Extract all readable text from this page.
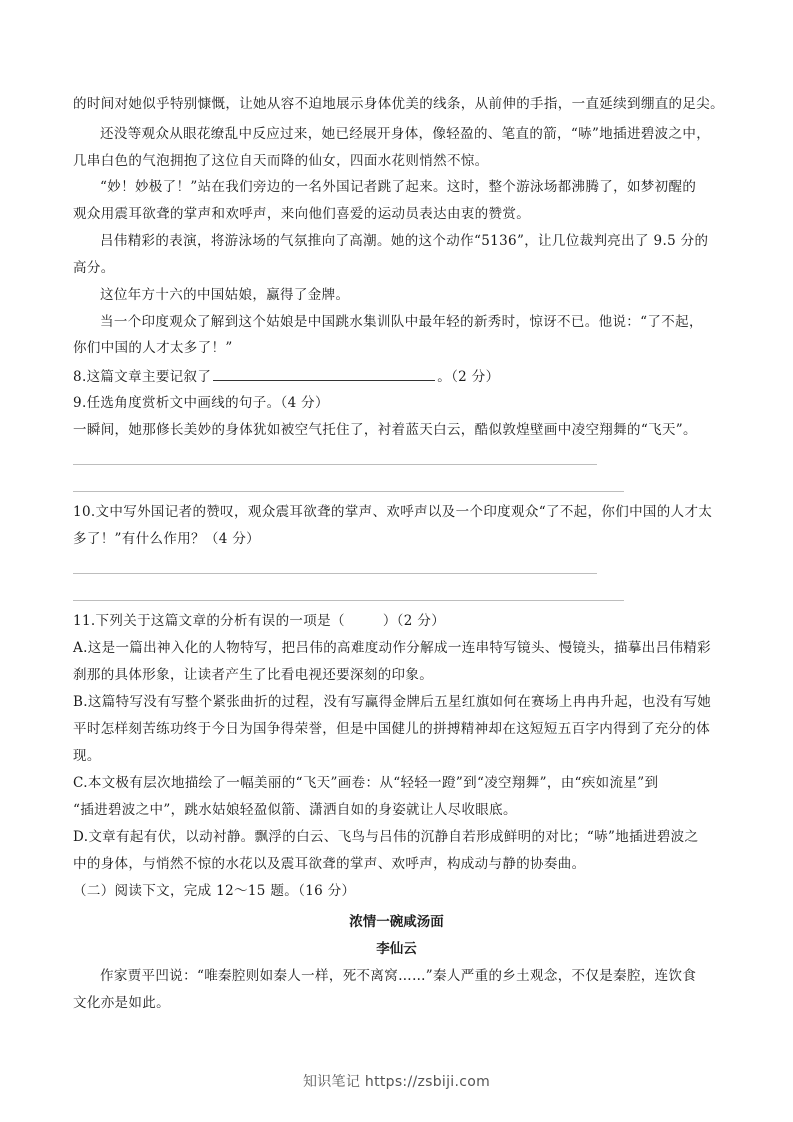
的时间对她似乎特别慷慨，让她从容不迫地展示身体优美的线条，从前伸的手指，一直延续到绷直的足尖。
还没等观众从眼花缭乱中反应过来，她已经展开身体，像轻盈的、笔直的箭，“哧”地插进碧波之中，
几串白色的气泡拥抱了这位自天而降的仙女，四面水花则悄然不惊。
“妙！妙极了！”站在我们旁边的一名外国记者跳了起来。这时，整个游泳场都沸腾了，如梦初醒的
观众用震耳欲聋的掌声和欢呼声，来向他们喜爱的运动员表达由衷的赞赏。
吕伟精彩的表演，将游泳场的气氛推向了高潮。她的这个动作“5136”，让几位裁判亮出了 9.5 分的
高分。
这位年方十六的中国姑娘，赢得了金牌。
当一个印度观众了解到这个姑娘是中国跳水集训队中最年轻的新秀时，惊讶不已。他说：“了不起，
你们中国的人才太多了！”
8.这篇文章主要记叙了	。（2 分）
9.任选角度赏析文中画线的句子。（4 分）
一瞬间，她那修长美妙的身体犹如被空气托住了，衬着蓝天白云，酷似敦煌壁画中凌空翔舞的“飞天”。
10.文中写外国记者的赞叹，观众震耳欲聋的掌声、欢呼声以及一个印度观众“了不起，你们中国的人才太
多了！”有什么作用？（4 分）
11.下列关于这篇文章的分析有误的一项是（	）（2 分）
A.这是一篇出神入化的人物特写，把吕伟的高难度动作分解成一连串特写镜头、慢镜头，描摹出吕伟精彩
刹那的具体形象，让读者产生了比看电视还要深刻的印象。
B.这篇特写没有写整个紧张曲折的过程，没有写赢得金牌后五星红旗如何在赛场上冉冉升起，也没有写她
平时怎样刻苦练功终于今日为国争得荣誉，但是中国健儿的拼搏精神却在这短短五百字内得到了充分的体
现。
C.本文极有层次地描绘了一幅美丽的“飞天”画卷：从“轻轻一蹬”到“凌空翔舞”，由“疾如流星”到
“插进碧波之中”，跳水姑娘轻盈似箭、潇洒自如的身姿就让人尽收眼底。
D.文章有起有伏，以动衬静。飘浮的白云、飞鸟与吕伟的沉静自若形成鲜明的对比；“哧”地插进碧波之
中的身体，与悄然不惊的水花以及震耳欲聋的掌声、欢呼声，构成动与静的协奏曲。
（二）阅读下文，完成 12～15 题。（16 分）
浓情一碗咸汤面
李仙云
作家贾平凹说：“唯秦腔则如秦人一样，死不离窝……”秦人严重的乡土观念，不仅是秦腔，连饮食
文化亦是如此。
知识笔记 https://zsbiji.com
